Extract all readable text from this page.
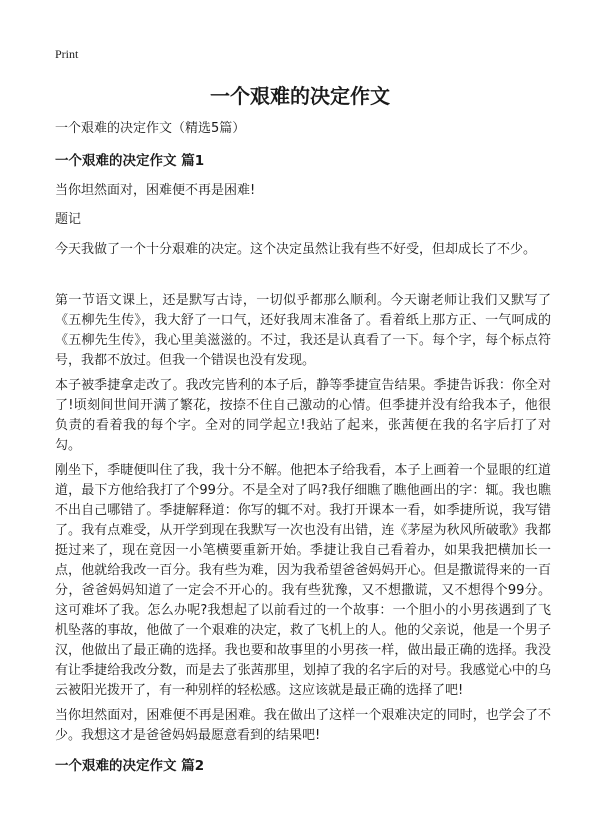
Print
一个艰难的决定作文

一个艰难的决定作文（精选5篇）

一个艰难的决定作文 篇1

当你坦然面对，困难便不再是困难!

题记

今天我做了一个十分艰难的决定。这个决定虽然让我有些不好受，但却成长了不少。

第一节语文课上，还是默写古诗，一切似乎都那么顺利。今天谢老师让我们又默写了《五柳先生传》，我大舒了一口气，还好我周末准备了。看着纸上那方正、一气呵成的《五柳先生传》，我心里美滋滋的。不过，我还是认真看了一下。每个字，每个标点符号，我都不放过。但我一个错误也没有发现。

本子被季捷拿走改了。我改完皆利的本子后，静等季捷宣告结果。季捷告诉我：你全对了!顷刻间世间开满了繁花，按捺不住自己激动的心情。但季捷并没有给我本子，他很负责的看着我的每个字。全对的同学起立!我站了起来，张茜便在我的名字后打了对勾。

刚坐下，季睫便叫住了我，我十分不解。他把本子给我看，本子上画着一个显眼的红道道，最下方他给我打了个99分。不是全对了吗?我仔细瞧了瞧他画出的字：辄。我也瞧不出自己哪错了。季捷解释道：你写的辄不对。我打开课本一看，如季捷所说，我写错了。我有点难受，从开学到现在我默写一次也没有出错，连《茅屋为秋风所破歌》我都挺过来了，现在竟因一小笔横要重新开始。季捷让我自己看着办，如果我把横加长一点，他就给我改一百分。我有些为难，因为我希望爸爸妈妈开心。但是撒谎得来的一百分，爸爸妈妈知道了一定会不开心的。我有些犹豫，又不想撒谎，又不想得个99分。这可难坏了我。怎么办呢?我想起了以前看过的一个故事：一个胆小的小男孩遇到了飞机坠落的事故，他做了一个艰难的决定，救了飞机上的人。他的父亲说，他是一个男子汉，他做出了最正确的选择。我也要和故事里的小男孩一样，做出最正确的选择。我没有让季捷给我改分数，而是去了张茜那里，划掉了我的名字后的对号。我感觉心中的乌云被阳光拨开了，有一种别样的轻松感。这应该就是最正确的选择了吧!

当你坦然面对，困难便不再是困难。我在做出了这样一个艰难决定的同时，也学会了不少。我想这才是爸爸妈妈最愿意看到的结果吧!

一个艰难的决定作文 篇2
